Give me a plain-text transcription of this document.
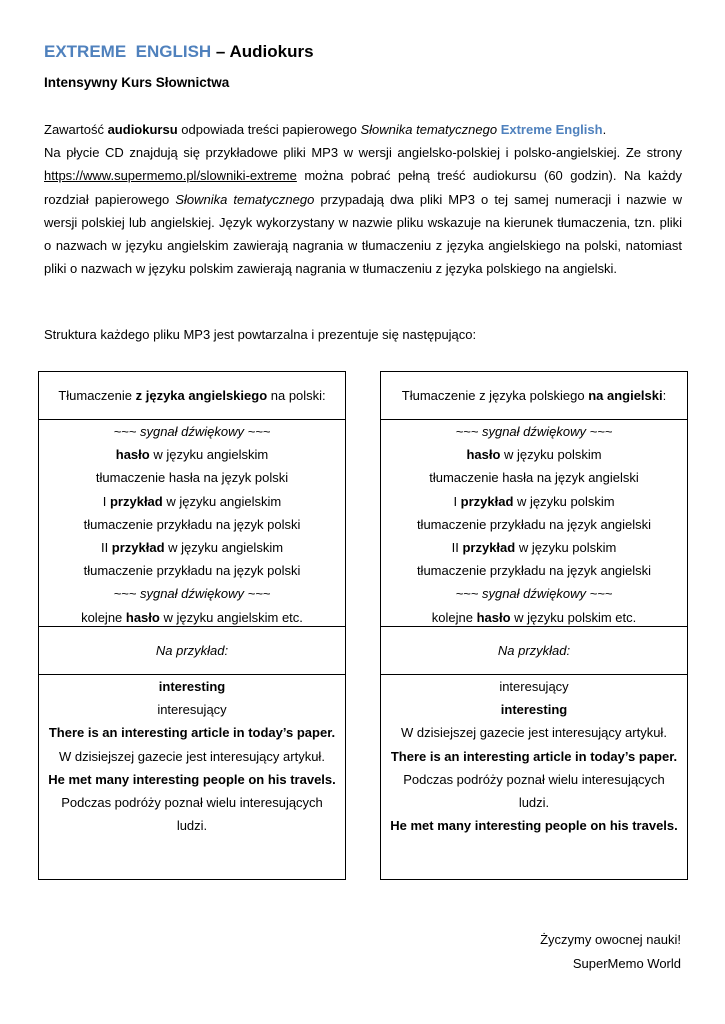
EXTREME  ENGLISH – Audiokurs
Intensywny Kurs Słownictwa

Zawartość audiokursu odpowiada treści papierowego Słownika tematycznego Extreme English.

Na płycie CD znajdują się przykładowe pliki MP3 w wersji angielsko-polskiej i polsko-angielskiej. Ze strony https://www.supermemo.pl/slowniki-extreme można pobrać pełną treść audiokursu (60 godzin). Na każdy rozdział papierowego Słownika tematycznego przypadają dwa pliki MP3 o tej samej numeracji i nazwie w wersji polskiej lub angielskiej. Język wykorzystany w nazwie pliku wskazuje na kierunek tłumaczenia, tzn. pliki o nazwach w języku angielskim zawierają nagrania w tłumaczeniu z języka angielskiego na polski, natomiast pliki o nazwach w języku polskim zawierają nagrania w tłumaczeniu z języka polskiego na angielski.

Struktura każdego pliku MP3 jest powtarzalna i prezentuje się następująco:
Tłumaczenie z języka angielskiego na polski:
~~~ sygnał dźwiękowy ~~~
hasło w języku angielskim
tłumaczenie hasła na język polski
I przykład w języku angielskim
tłumaczenie przykładu na język polski
II przykład w języku angielskim
tłumaczenie przykładu na język polski
~~~ sygnał dźwiękowy ~~~
kolejne hasło w języku angielskim etc.
Na przykład:
interesting
interesujący
There is an interesting article in today’s paper.
W dzisiejszej gazecie jest interesujący artykuł.
He met many interesting people on his travels.
Podczas podróży poznał wielu interesujących ludzi.
Tłumaczenie z języka polskiego na angielski:
~~~ sygnał dźwiękowy ~~~
hasło w języku polskim
tłumaczenie hasła na język angielski
I przykład w języku polskim
tłumaczenie przykładu na język angielski
II przykład w języku polskim
tłumaczenie przykładu na język angielski
~~~ sygnał dźwiękowy ~~~
kolejne hasło w języku polskim etc.
Na przykład:
interesujący
interesting
W dzisiejszej gazecie jest interesujący artykuł.
There is an interesting article in today’s paper.
Podczas podróży poznał wielu interesujących ludzi.
He met many interesting people on his travels.
Życzymy owocnej nauki!
SuperMemo World
